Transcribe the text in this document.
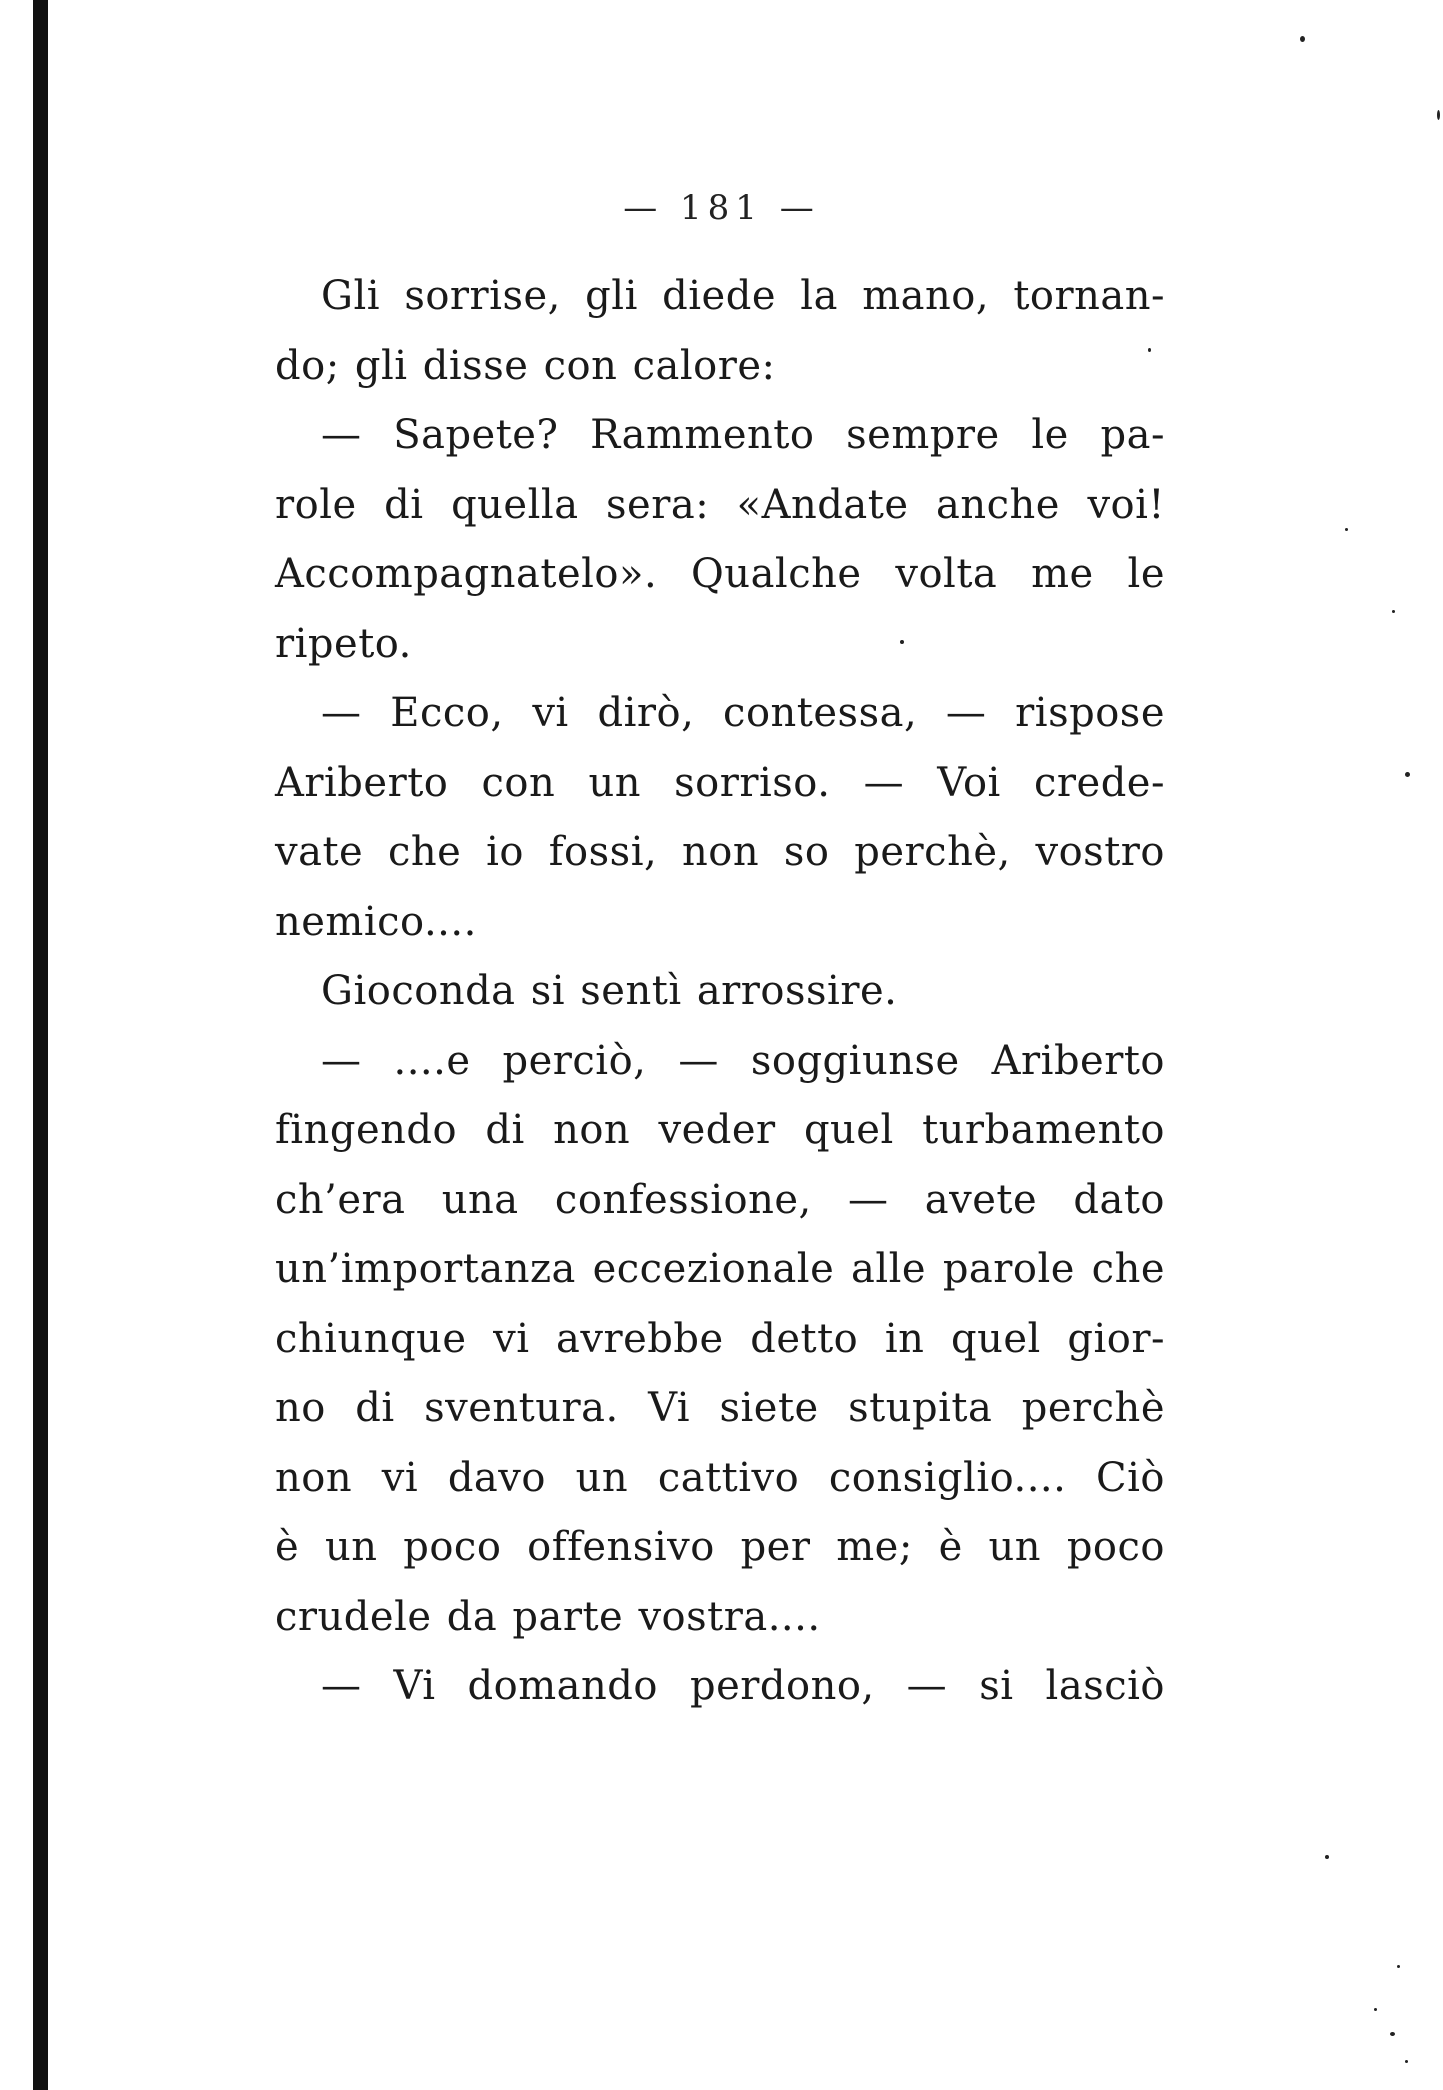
— 181 —
Gli sorrise, gli diede la mano, tornan-
do; gli disse con calore:
— Sapete? Rammento sempre le pa-
role di quella sera: «Andate anche voi!
Accompagnatelo». Qualche volta me le
ripeto.
— Ecco, vi dirò, contessa, — rispose
Ariberto con un sorriso. — Voi crede-
vate che io fossi, non so perchè, vostro
nemico....
Gioconda si sentì arrossire.
— ....e perciò, — soggiunse Ariberto
fingendo di non veder quel turbamento
ch’era una confessione, — avete dato
un’importanza eccezionale alle parole che
chiunque vi avrebbe detto in quel gior-
no di sventura. Vi siete stupita perchè
non vi davo un cattivo consiglio.... Ciò
è un poco offensivo per me; è un poco
crudele da parte vostra....
— Vi domando perdono, — si lasciò
